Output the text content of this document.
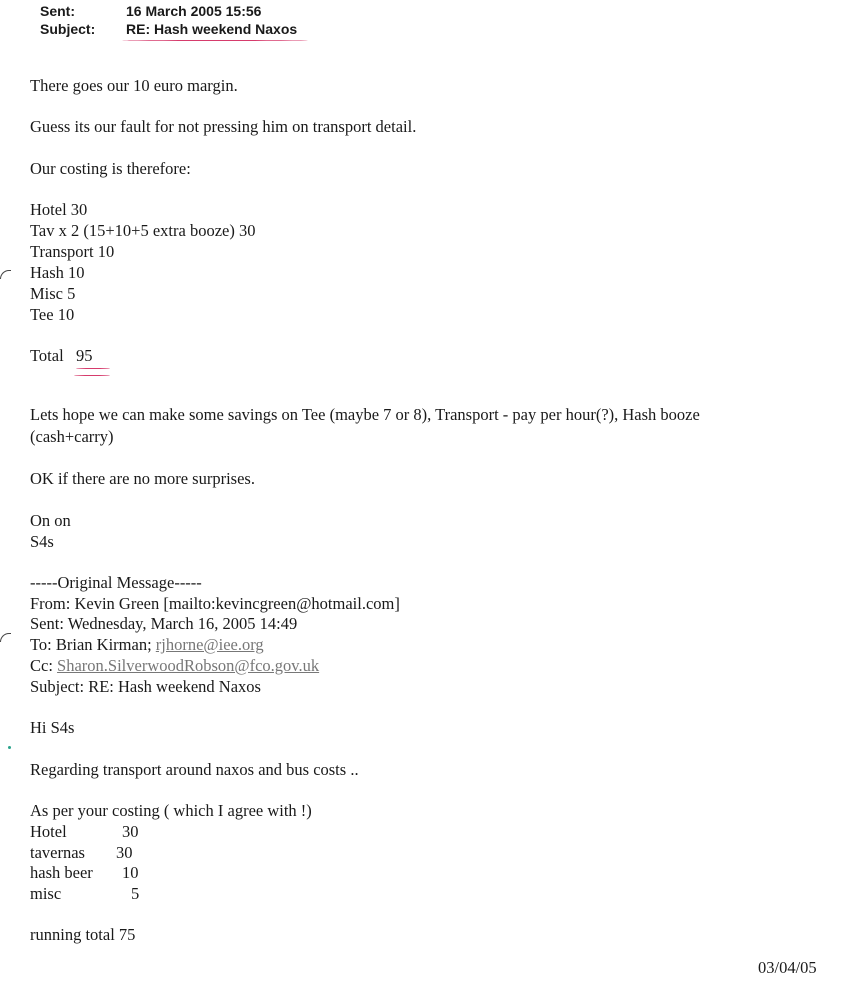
Sent:	16 March 2005 15:56
Subject: RE: Hash weekend Naxos
There goes our 10 euro margin.
Guess its our fault for not pressing him on transport detail.
Our costing is therefore:
Hotel 30
Tav x 2 (15+10+5 extra booze) 30
Transport 10
Hash 10
Misc 5
Tee 10
Total 95
Lets hope we can make some savings on Tee (maybe 7 or 8), Transport - pay per hour(?), Hash booze
(cash+carry)
OK if there are no more surprises.
On on
S4s
-----Original Message-----
From: Kevin Green [mailto:kevincgreen@hotmail.com]
Sent: Wednesday, March 16, 2005 14:49
To: Brian Kirman; rjhorne@iee.org
Cc: Sharon.SilverwoodRobson@fco.gov.uk
Subject: RE: Hash weekend Naxos
Hi S4s
Regarding transport around naxos and bus costs ..
As per your costing ( which I agree with !)
Hotel	30
tavernas 30
hash beer 10
misc	5
running total 75
03/04/05
